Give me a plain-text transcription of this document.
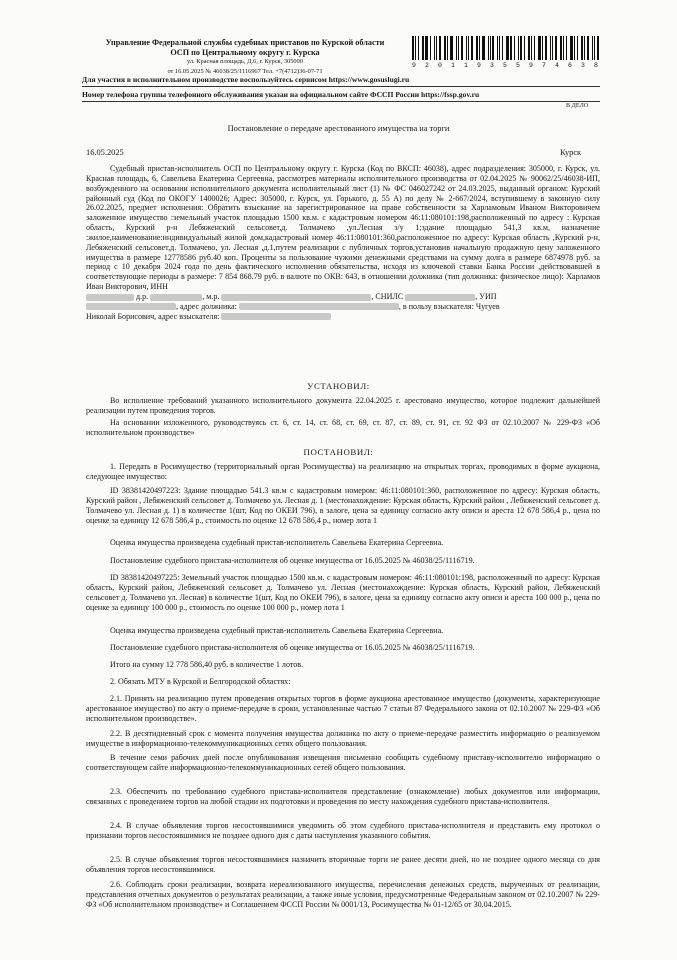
Управление Федеральной службы судебных приставов по Курской области
ОСП по Центральному округу г. Курска
ул. Красная площадь, Д.6, г. Курск, 305000
от 16.05.2025 № 46038/25/1116967 Тел. +7(4712)36-07-71
9 2 0 1 1 9 3 5 5 9 7 4 6 3 8
Для участия в исполнительном производстве воспользуйтесь сервисом https://www.gosuslugi.ru
Номер телефона группы телефонного обслуживания указан на официальном сайте ФССП России https://fssp.gov.ru
В ДЕЛО
Постановление о передаче арестованного имущества на торги
16.05.2025	Курск
Судебный пристав-исполнитель ОСП по Центральному округу г. Курска (Код по ВКСП: 46038), адрес подразделения: 305000, г. Курск, ул. Красная площадь, 6, Савельева Екатерина Сергеевна, рассмотрев материалы исполнительного производства от 02.04.2025 № 90062/25/46038-ИП, возбужденного на основании исполнительного документа исполнительный лист (1) № ФС 046027242 от 24.03.2025, выданный органом: Курский районный суд (Код по ОКОГУ 1400026; Адрес: 305000, г. Курск, ул. Горького, д. 55 А) по делу № 2-667/2024, вступившему в законную силу 26.02.2025, предмет исполнения: Обратить взыскание на зарегистрированное на праве собственности за Харламовым Иваном Викторовичем заложенное имущество :земельный участок площадью 1500 кв.м. с кадастровым номером 46:11:080101:198,расположенный по адресу : Курская область, Курский р-н Лебяженский сельсовет,д. Толмачево ,ул.Лесная з/у 1;здание площадью 541,3 кв.м, назначение :жилое,наименование:индивидуальный жилой дом,кадастровый номер 46:11:080101:360,расположенное по адресу: Курская область ,Курский р-н, Лебяженский сельсовет,д. Толмачево, ул. Лесная ,д.1,путем реализации с публичных торгов,установив начальную продажную цену заложенного имущества в размере 12778586 руб.40 коп. Проценты за пользование чужими денежными средствами на сумму долга в размере 6874978 руб. за период с 10 декабря 2024 года по день фактического исполнения обязательства, исходя из ключевой ставки Банка России ,действовавшей в соответствующие периоды в размере: 7 854 868.79 руб. в валюте по ОКВ: 643, в отношении должника (тип должника: физическое лицо): Харламов Иван Викторович, ИНН
д.р.	, м.р.	, СНИЛС	, УИП
, адрес должника:	, в пользу взыскателя: Чугуев
Николай Борисович, адрес взыскателя:
УСТАНОВИЛ:
Во исполнение требований указанного исполнительного документа 22.04.2025 г. арестовано имущество, которое подлежит дальнейшей реализации путем проведения торгов.
На основании изложенного, руководствуясь ст. 6, ст. 14, ст. 68, ст. 69, ст. 87, ст. 89, ст. 91, ст. 92 ФЗ от 02.10.2007 № 229-ФЗ «Об исполнительном производстве»
ПОСТАНОВИЛ:
1. Передать в Росимущество (территориальный орган Росимущества) на реализацию на открытых торгах, проводимых в форме аукциона, следующее имущество:
ID 38381420497223: Здание площадью 541.3 кв.м с кадастровым номером: 46:11:080101:360, расположенное по адресу: Курская область, Курский район , Лебяженский сельсовет д. Толмачево ул. Лесная д. 1 (местонахождение: Курская область, Курский район , Лебяженский сельсовет д. Толмачево ул. Лесная д. 1) в количестве 1(шт, Код по ОКЕИ 796), в залоге, цена за единицу согласно акту описи и ареста 12 678 586,4 р., цена по оценке за единицу 12 678 586,4 р., стоимость по оценке 12 678 586,4 р., номер лота 1
Оценка имущества произведена судебный пристав-исполнитель Савельева Екатерина Сергеевна.
Постановление судебного пристава-исполнителя об оценке имущества от 16.05.2025 № 46038/25/1116719.
ID 38381420497225: Земельный участок площадью 1500 кв.м. с кадастровым номером: 46:11:080101:198, расположенный по адресу: Курская область, Курский район, Лебяженский сельсовет д. Толмачево ул. Лесная (местонахождение: Курская область, Курский район, Лебяженский сельсовет д. Толмачево ул. Лесная) в количестве 1(шт, Код по ОКЕИ 796), в залоге, цена за единицу согласно акту описи и ареста 100 000 р., цена по оценке за единицу 100 000 р., стоимость по оценке 100 000 р., номер лота 1
Оценка имущества произведена судебный пристав-исполнитель Савельева Екатерина Сергеевна.
Постановление судебного пристава-исполнителя об оценке имущества от 16.05.2025 № 46038/25/1116719.
Итого на сумму 12 778 586,40 руб. в количестве 1 лотов.
2. Обязать МТУ в Курской и Белгородской областях:
2.1. Принять на реализацию путем проведения открытых торгов в форме аукциона арестованное имущество (документы, характеризующие арестованное имущество) по акту о приеме-передаче в сроки, установленные частью 7 статьи 87 Федерального закона от 02.10.2007 № 229-ФЗ «Об исполнительном производстве».
2.2. В десятидневный срок с момента получения имущества должника по акту о приеме-передаче разместить информацию о реализуемом имуществе в информационно-телекоммуникационных сетях общего пользования.
В течение семи рабочих дней после опубликования извещения письменно сообщить судебному приставу-исполнителю информацию о соответствующем сайте информационно-телекоммуникационных сетей общего пользования.
2.3. Обеспечить по требованию судебного пристава-исполнителя представление (ознакомление) любых документов или информации, связанных с проведением торгов на любой стадии их подготовки и проведения по месту нахождения судебного пристава-исполнителя.
2.4. В случае объявления торгов несостоявшимися уведомить об этом судебного пристава-исполнителя и представить ему протокол о признании торгов несостоявшимися не позднее одного дня с даты наступления указанного события.
2.5. В случае объявления торгов несостоявшимися назначить вторичные торги не ранее десяти дней, но не позднее одного месяца со дня объявления торгов несостоявшимися.
2.6. Соблюдать сроки реализации, возврата нереализованного имущества, перечисления денежных средств, вырученных от реализации, представления отчетных документов о результатах реализации, а также иные условия, предусмотренные Федеральным законом от 02.10.2007 № 229-ФЗ «Об исполнительном производстве» и Соглашением ФССП России № 0001/13, Росимущества № 01-12/65 от 30.04.2015.
